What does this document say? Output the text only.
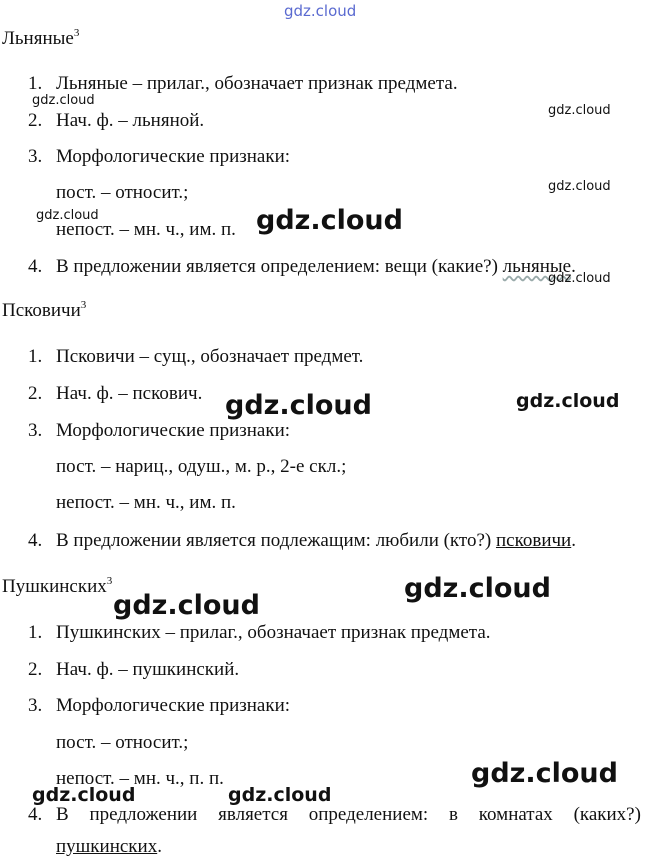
gdz.cloud
Льняные$^3$
1. Льняные – прилаг., обозначает признак предмета.
2. Нач. ф. – льняной.
3. Морфологические признаки:
пост. – относит.;
непост. – мн. ч., им. п.
4. В предложении является определением: вещи (какие?) льняные.
Псковичи$^3$
1. Псковичи – сущ., обозначает предмет.
2. Нач. ф. – пскович.
3. Морфологические признаки:
пост. – нариц., одуш., м. р., 2-е скл.;
непост. – мн. ч., им. п.
4. В предложении является подлежащим: любили (кто?) псковичи.
Пушкинских$^3$
1. Пушкинских – прилаг., обозначает признак предмета.
2. Нач. ф. – пушкинский.
3. Морфологические признаки:
пост. – относит.;
непост. – мн. ч., п. п.
4. В предложении является определением: в комнатах (каких?)
пушкинских.
gdz.cloud
gdz.cloud
gdz.cloud
gdz.cloud	gdz.cloud
gdz.cloud
gdz.cloud	gdz.cloud
gdz.cloud
gdz.cloud
gdz.cloud
gdz.cloud	gdz.cloud
